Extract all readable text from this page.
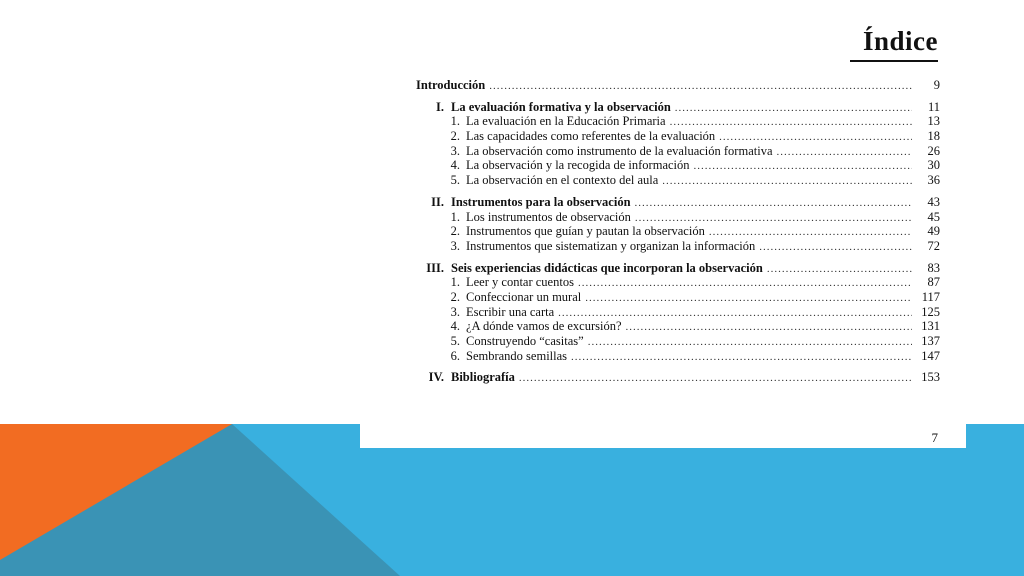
Índice
Introducción .....	9
I. La evaluación formativa y la observación .....	11
1. La evaluación en la Educación Primaria .....	13
2. Las capacidades como referentes de la evaluación .....	18
3. La observación como instrumento de la evaluación formativa .....	26
4. La observación y la recogida de información .....	30
5. La observación en el contexto del aula .....	36
II. Instrumentos para la observación .....	43
1. Los instrumentos de observación .....	45
2. Instrumentos que guían y pautan la observación .....	49
3. Instrumentos que sistematizan y organizan la información .....	72
III. Seis experiencias didácticas que incorporan la observación .....	83
1. Leer y contar cuentos .....	87
2. Confeccionar un mural .....	117
3. Escribir una carta .....	125
4. ¿A dónde vamos de excursión? .....	131
5. Construyendo “casitas” .....	137
6. Sembrando semillas .....	147
IV. Bibliografía .....	153
7
